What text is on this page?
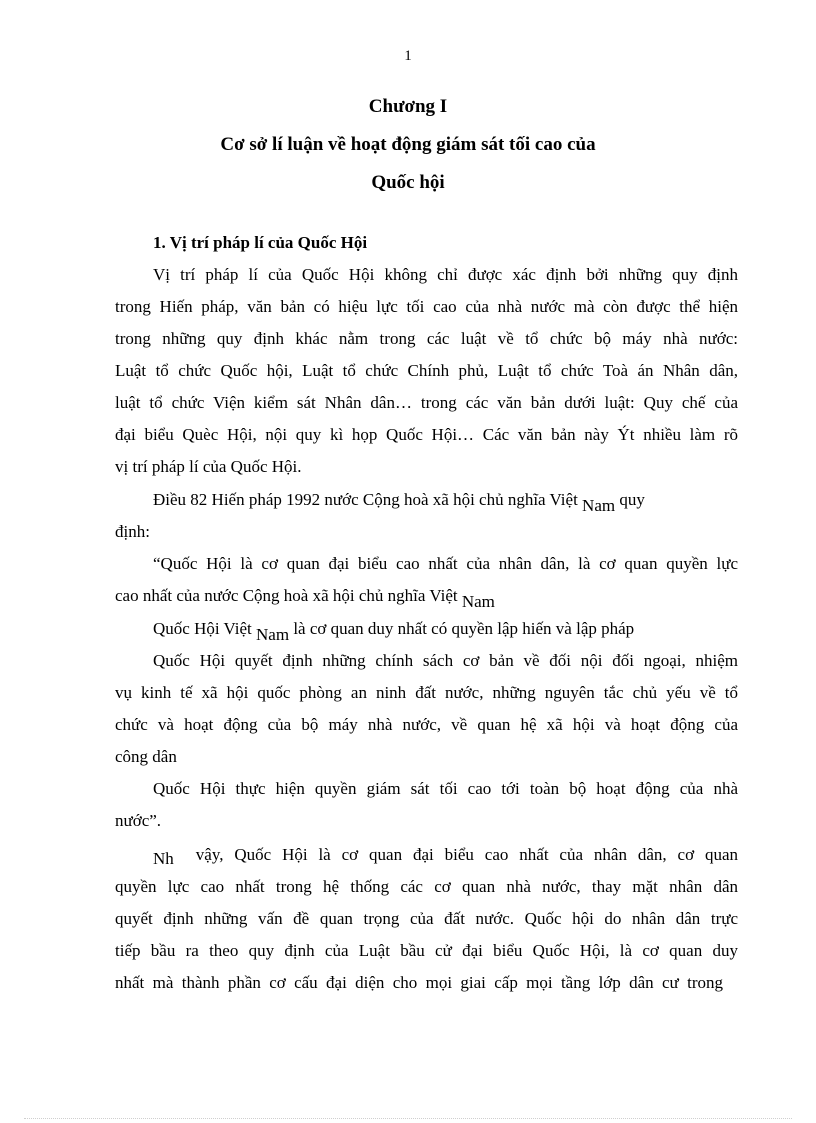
1
Chương I
Cơ sở lí luận về hoạt động giám sát tối cao của
Quốc hội
1. Vị trí pháp lí của Quốc Hội
Vị trí pháp lí của Quốc Hội không chỉ được xác định bởi những quy định
trong Hiến pháp, văn bản có hiệu lực tối cao của nhà nước mà còn được thể hiện
trong những quy định khác nằm trong các luật về tổ chức bộ máy nhà nước:
Luật tổ chức Quốc hội, Luật tổ chức Chính phủ, Luật tổ chức Toà án Nhân dân,
luật tổ chức Viện kiểm sát Nhân dân… trong các văn bản dưới luật: Quy chế của
đại biểu Quèc Hội, nội quy kì họp Quốc Hội… Các văn bản này Ýt nhiều làm rõ
vị trí pháp lí của Quốc Hội.
Điều 82 Hiến pháp 1992 nước Cộng hoà xã hội chủ nghĩa Việt Nam quy
định:
“Quốc Hội là cơ quan đại biểu cao nhất của nhân dân, là cơ quan quyền lực
cao nhất của nước Cộng hoà xã hội chủ nghĩa Việt Nam
Quốc Hội Việt Nam là cơ quan duy nhất có quyền lập hiến và lập pháp
Quốc Hội quyết định những chính sách cơ bản về đối nội đối ngoại, nhiệm
vụ kinh tế xã hội quốc phòng an ninh đất nước, những nguyên tắc chủ yếu về tổ
chức và hoạt động của bộ máy nhà nước, về quan hệ xã hội và hoạt động của
công dân
Quốc Hội thực hiện quyền giám sát tối cao tới toàn bộ hoạt động của nhà
nước”.
Nh vậy, Quốc Hội là cơ quan đại biểu cao nhất của nhân dân, cơ quan
quyền lực cao nhất trong hệ thống các cơ quan nhà nước, thay mặt nhân dân
quyết định những vấn đề quan trọng của đất nước. Quốc hội do nhân dân trực
tiếp bầu ra theo quy định của Luật bầu cử đại biểu Quốc Hội, là cơ quan duy
nhất mà thành phần cơ cấu đại diện cho mọi giai cấp mọi tầng lớp dân cư trong
